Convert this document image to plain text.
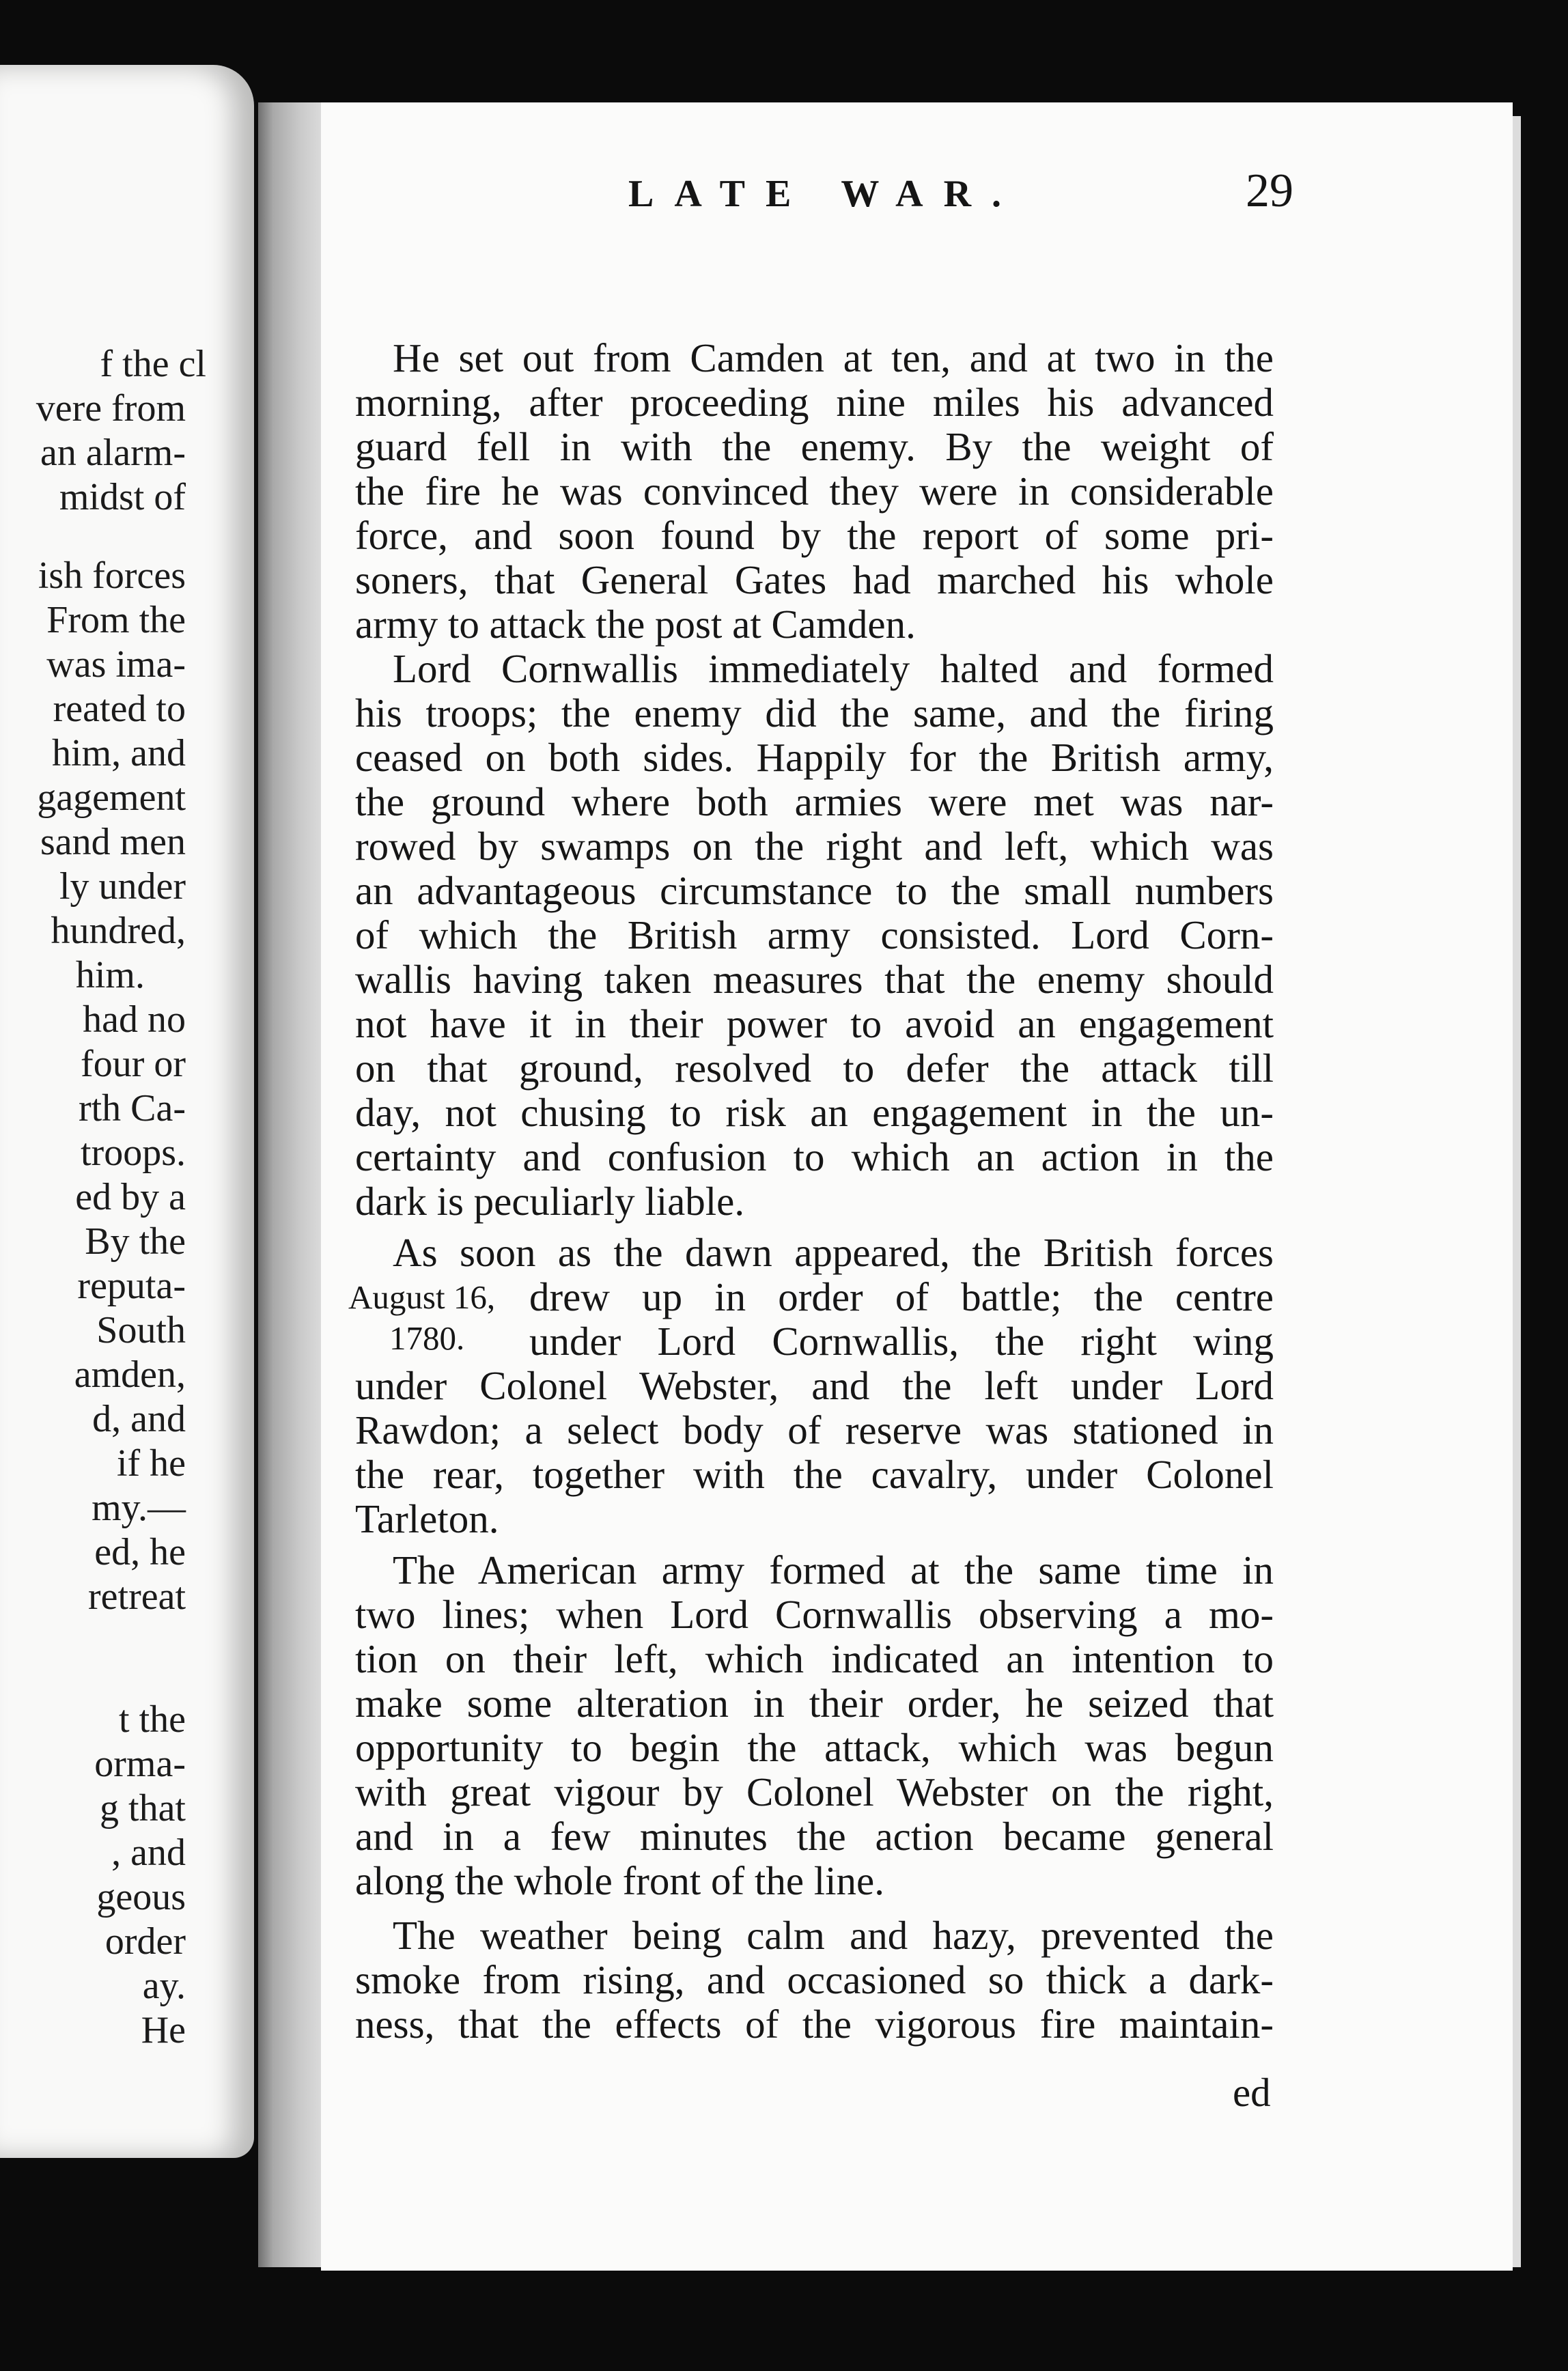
f the cl
vere from
an alarm-
midst of
ish forces
From the
was ima-
reated to
him, and
gagement
sand men
ly under
hundred,
him.
had no
four or
rth Ca-
troops.
ed by a
By the
reputa-
South
amden,
d, and
if he
my.—
ed, he
retreat
t the
orma-
g that
, and
geous
order
ay.
He
LATE WAR.	29
He set out from Camden at ten, and at two in the
morning, after proceeding nine miles his advanced
guard fell in with the enemy. By the weight of
the fire he was convinced they were in considerable
force, and soon found by the report of some pri-
soners, that General Gates had marched his whole
army to attack the post at Camden.
Lord Cornwallis immediately halted and formed
his troops; the enemy did the same, and the firing
ceased on both sides. Happily for the British army,
the ground where both armies were met was nar-
rowed by swamps on the right and left, which was
an advantageous circumstance to the small numbers
of which the British army consisted. Lord Corn-
wallis having taken measures that the enemy should
not have it in their power to avoid an engagement
on that ground, resolved to defer the attack till
day, not chusing to risk an engagement in the un-
certainty and confusion to which an action in the
dark is peculiarly liable.
As soon as the dawn appeared, the British forces
August 16, drew up in order of battle; the centre
1780. under Lord Cornwallis, the right wing
under Colonel Webster, and the left under Lord
Rawdon; a select body of reserve was stationed in
the rear, together with the cavalry, under Colonel
Tarleton.
The American army formed at the same time in
two lines; when Lord Cornwallis observing a mo-
tion on their left, which indicated an intention to
make some alteration in their order, he seized that
opportunity to begin the attack, which was begun
with great vigour by Colonel Webster on the right,
and in a few minutes the action became general
along the whole front of the line.
The weather being calm and hazy, prevented the
smoke from rising, and occasioned so thick a dark-
ness, that the effects of the vigorous fire maintain-
ed
